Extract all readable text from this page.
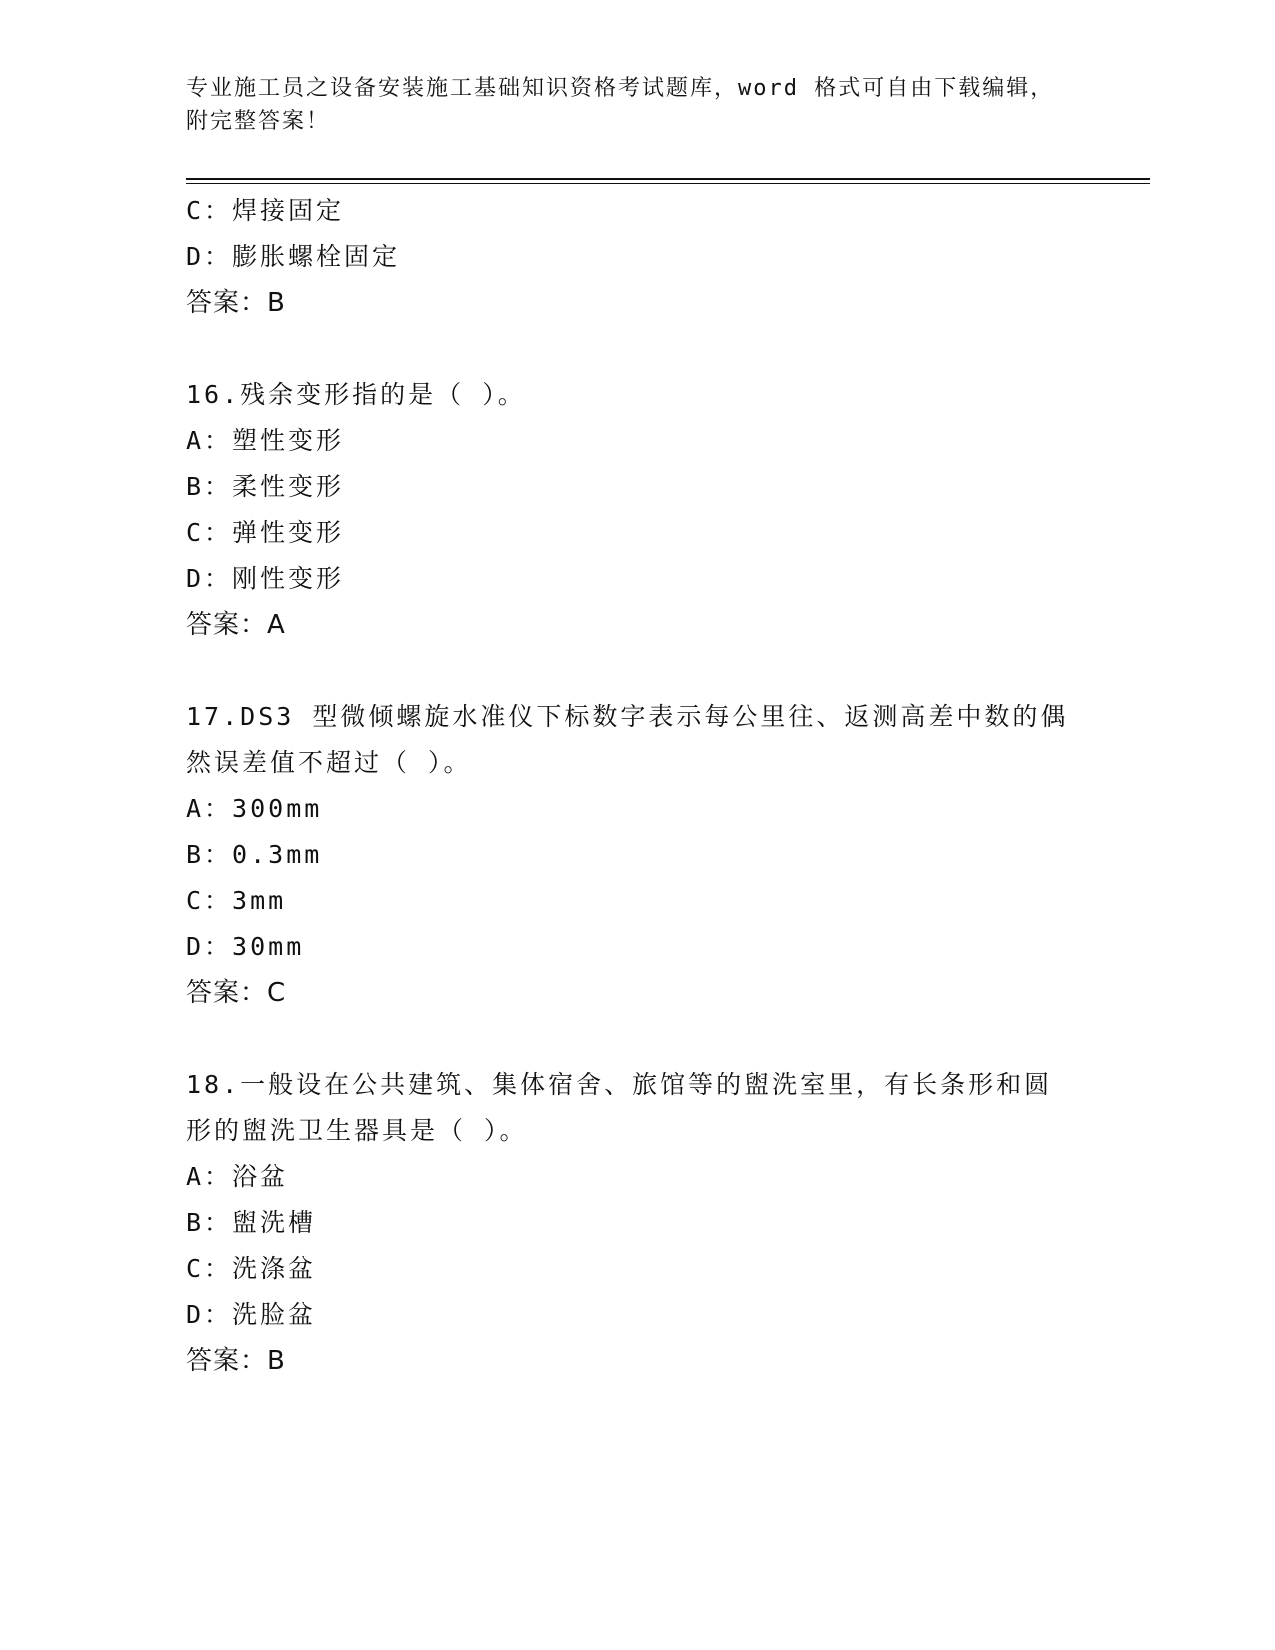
专业施工员之设备安装施工基础知识资格考试题库，word 格式可自由下载编辑，
附完整答案！
C：焊接固定
D：膨胀螺栓固定
答案：B
16.残余变形指的是（ ）。
A：塑性变形
B：柔性变形
C：弹性变形
D：刚性变形
答案：A
17.DS3 型微倾螺旋水准仪下标数字表示每公里往、返测高差中数的偶
然误差值不超过（ ）。
A：300mm
B：0.3mm
C：3mm
D：30mm
答案：C
18.一般设在公共建筑、集体宿舍、旅馆等的盥洗室里，有长条形和圆
形的盥洗卫生器具是（ ）。
A：浴盆
B：盥洗槽
C：洗涤盆
D：洗脸盆
答案：B
